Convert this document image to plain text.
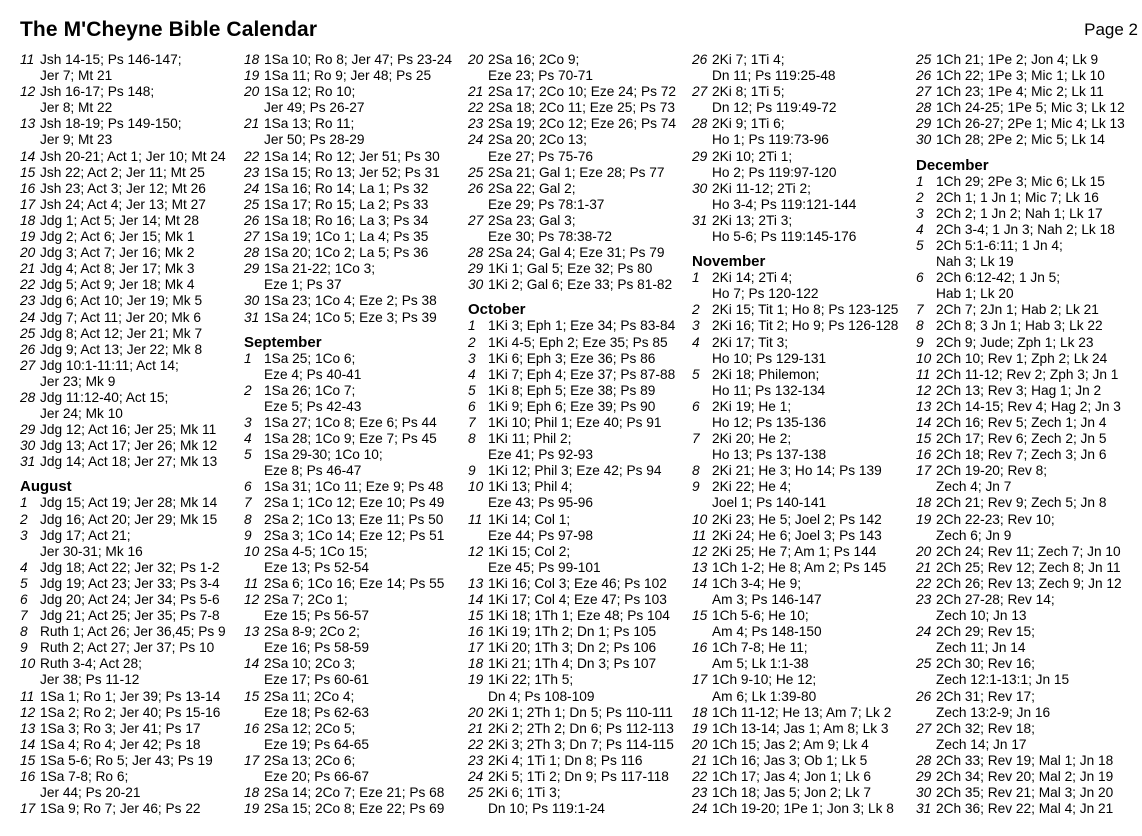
The M'Cheyne Bible Calendar	Page 2
11 Jsh 14-15; Ps 146-147;
Jer 7; Mt 21
12 Jsh 16-17; Ps 148;
Jer 8; Mt 22
13 Jsh 18-19; Ps 149-150;
Jer 9; Mt 23
14 Jsh 20-21; Act 1; Jer 10; Mt 24
15 Jsh 22; Act 2; Jer 11; Mt 25
16 Jsh 23; Act 3; Jer 12; Mt 26
17 Jsh 24; Act 4; Jer 13; Mt 27
18 Jdg 1; Act 5; Jer 14; Mt 28
19 Jdg 2; Act 6; Jer 15; Mk 1
20 Jdg 3; Act 7; Jer 16; Mk 2
21 Jdg 4; Act 8; Jer 17; Mk 3
22 Jdg 5; Act 9; Jer 18; Mk 4
23 Jdg 6; Act 10; Jer 19; Mk 5
24 Jdg 7; Act 11; Jer 20; Mk 6
25 Jdg 8; Act 12; Jer 21; Mk 7
26 Jdg 9; Act 13; Jer 22; Mk 8
27 Jdg 10:1-11:11; Act 14;
Jer 23; Mk 9
28 Jdg 11:12-40; Act 15;
Jer 24; Mk 10
29 Jdg 12; Act 16; Jer 25; Mk 11
30 Jdg 13; Act 17; Jer 26; Mk 12
31 Jdg 14; Act 18; Jer 27; Mk 13
August
1 Jdg 15; Act 19; Jer 28; Mk 14
2 Jdg 16; Act 20; Jer 29; Mk 15
3 Jdg 17; Act 21;
Jer 30-31; Mk 16
4 Jdg 18; Act 22; Jer 32; Ps 1-2
5 Jdg 19; Act 23; Jer 33; Ps 3-4
6 Jdg 20; Act 24; Jer 34; Ps 5-6
7 Jdg 21; Act 25; Jer 35; Ps 7-8
8 Ruth 1; Act 26; Jer 36,45; Ps 9
9 Ruth 2; Act 27; Jer 37; Ps 10
10 Ruth 3-4; Act 28;
Jer 38; Ps 11-12
11 1Sa 1; Ro 1; Jer 39; Ps 13-14
12 1Sa 2; Ro 2; Jer 40; Ps 15-16
13 1Sa 3; Ro 3; Jer 41; Ps 17
14 1Sa 4; Ro 4; Jer 42; Ps 18
15 1Sa 5-6; Ro 5; Jer 43; Ps 19
16 1Sa 7-8; Ro 6;
Jer 44; Ps 20-21
17 1Sa 9; Ro 7; Jer 46; Ps 22
18 1Sa 10; Ro 8; Jer 47; Ps 23-24
19 1Sa 11; Ro 9; Jer 48; Ps 25
20 1Sa 12; Ro 10;
Jer 49; Ps 26-27
21 1Sa 13; Ro 11;
Jer 50; Ps 28-29
22 1Sa 14; Ro 12; Jer 51; Ps 30
23 1Sa 15; Ro 13; Jer 52; Ps 31
24 1Sa 16; Ro 14; La 1; Ps 32
25 1Sa 17; Ro 15; La 2; Ps 33
26 1Sa 18; Ro 16; La 3; Ps 34
27 1Sa 19; 1Co 1; La 4; Ps 35
28 1Sa 20; 1Co 2; La 5; Ps 36
29 1Sa 21-22; 1Co 3;
Eze 1; Ps 37
30 1Sa 23; 1Co 4; Eze 2; Ps 38
31 1Sa 24; 1Co 5; Eze 3; Ps 39
September
1 1Sa 25; 1Co 6;
Eze 4; Ps 40-41
2 1Sa 26; 1Co 7;
Eze 5; Ps 42-43
3 1Sa 27; 1Co 8; Eze 6; Ps 44
4 1Sa 28; 1Co 9; Eze 7; Ps 45
5 1Sa 29-30; 1Co 10;
Eze 8; Ps 46-47
6 1Sa 31; 1Co 11; Eze 9; Ps 48
7 2Sa 1; 1Co 12; Eze 10; Ps 49
8 2Sa 2; 1Co 13; Eze 11; Ps 50
9 2Sa 3; 1Co 14; Eze 12; Ps 51
10 2Sa 4-5; 1Co 15;
Eze 13; Ps 52-54
11 2Sa 6; 1Co 16; Eze 14; Ps 55
12 2Sa 7; 2Co 1;
Eze 15; Ps 56-57
13 2Sa 8-9; 2Co 2;
Eze 16; Ps 58-59
14 2Sa 10; 2Co 3;
Eze 17; Ps 60-61
15 2Sa 11; 2Co 4;
Eze 18; Ps 62-63
16 2Sa 12; 2Co 5;
Eze 19; Ps 64-65
17 2Sa 13; 2Co 6;
Eze 20; Ps 66-67
18 2Sa 14; 2Co 7; Eze 21; Ps 68
19 2Sa 15; 2Co 8; Eze 22; Ps 69
20 2Sa 16; 2Co 9;
Eze 23; Ps 70-71
21 2Sa 17; 2Co 10; Eze 24; Ps 72
22 2Sa 18; 2Co 11; Eze 25; Ps 73
23 2Sa 19; 2Co 12; Eze 26; Ps 74
24 2Sa 20; 2Co 13;
Eze 27; Ps 75-76
25 2Sa 21; Gal 1; Eze 28; Ps 77
26 2Sa 22; Gal 2;
Eze 29; Ps 78:1-37
27 2Sa 23; Gal 3;
Eze 30; Ps 78:38-72
28 2Sa 24; Gal 4; Eze 31; Ps 79
29 1Ki 1; Gal 5; Eze 32; Ps 80
30 1Ki 2; Gal 6; Eze 33; Ps 81-82
October
1 1Ki 3; Eph 1; Eze 34; Ps 83-84
2 1Ki 4-5; Eph 2; Eze 35; Ps 85
3 1Ki 6; Eph 3; Eze 36; Ps 86
4 1Ki 7; Eph 4; Eze 37; Ps 87-88
5 1Ki 8; Eph 5; Eze 38; Ps 89
6 1Ki 9; Eph 6; Eze 39; Ps 90
7 1Ki 10; Phil 1; Eze 40; Ps 91
8 1Ki 11; Phil 2;
Eze 41; Ps 92-93
9 1Ki 12; Phil 3; Eze 42; Ps 94
10 1Ki 13; Phil 4;
Eze 43; Ps 95-96
11 1Ki 14; Col 1;
Eze 44; Ps 97-98
12 1Ki 15; Col 2;
Eze 45; Ps 99-101
13 1Ki 16; Col 3; Eze 46; Ps 102
14 1Ki 17; Col 4; Eze 47; Ps 103
15 1Ki 18; 1Th 1; Eze 48; Ps 104
16 1Ki 19; 1Th 2; Dn 1; Ps 105
17 1Ki 20; 1Th 3; Dn 2; Ps 106
18 1Ki 21; 1Th 4; Dn 3; Ps 107
19 1Ki 22; 1Th 5;
Dn 4; Ps 108-109
20 2Ki 1; 2Th 1; Dn 5; Ps 110-111
21 2Ki 2; 2Th 2; Dn 6; Ps 112-113
22 2Ki 3; 2Th 3; Dn 7; Ps 114-115
23 2Ki 4; 1Ti 1; Dn 8; Ps 116
24 2Ki 5; 1Ti 2; Dn 9; Ps 117-118
25 2Ki 6; 1Ti 3;
Dn 10; Ps 119:1-24
26 2Ki 7; 1Ti 4;
Dn 11; Ps 119:25-48
27 2Ki 8; 1Ti 5;
Dn 12; Ps 119:49-72
28 2Ki 9; 1Ti 6;
Ho 1; Ps 119:73-96
29 2Ki 10; 2Ti 1;
Ho 2; Ps 119:97-120
30 2Ki 11-12; 2Ti 2;
Ho 3-4; Ps 119:121-144
31 2Ki 13; 2Ti 3;
Ho 5-6; Ps 119:145-176
November
1 2Ki 14; 2Ti 4;
Ho 7; Ps 120-122
2 2Ki 15; Tit 1; Ho 8; Ps 123-125
3 2Ki 16; Tit 2; Ho 9; Ps 126-128
4 2Ki 17; Tit 3;
Ho 10; Ps 129-131
5 2Ki 18; Philemon;
Ho 11; Ps 132-134
6 2Ki 19; He 1;
Ho 12; Ps 135-136
7 2Ki 20; He 2;
Ho 13; Ps 137-138
8 2Ki 21; He 3; Ho 14; Ps 139
9 2Ki 22; He 4;
Joel 1; Ps 140-141
10 2Ki 23; He 5; Joel 2; Ps 142
11 2Ki 24; He 6; Joel 3; Ps 143
12 2Ki 25; He 7; Am 1; Ps 144
13 1Ch 1-2; He 8; Am 2; Ps 145
14 1Ch 3-4; He 9;
Am 3; Ps 146-147
15 1Ch 5-6; He 10;
Am 4; Ps 148-150
16 1Ch 7-8; He 11;
Am 5; Lk 1:1-38
17 1Ch 9-10; He 12;
Am 6; Lk 1:39-80
18 1Ch 11-12; He 13; Am 7; Lk 2
19 1Ch 13-14; Jas 1; Am 8; Lk 3
20 1Ch 15; Jas 2; Am 9; Lk 4
21 1Ch 16; Jas 3; Ob 1; Lk 5
22 1Ch 17; Jas 4; Jon 1; Lk 6
23 1Ch 18; Jas 5; Jon 2; Lk 7
24 1Ch 19-20; 1Pe 1; Jon 3; Lk 8
25 1Ch 21; 1Pe 2; Jon 4; Lk 9
26 1Ch 22; 1Pe 3; Mic 1; Lk 10
27 1Ch 23; 1Pe 4; Mic 2; Lk 11
28 1Ch 24-25; 1Pe 5; Mic 3; Lk 12
29 1Ch 26-27; 2Pe 1; Mic 4; Lk 13
30 1Ch 28; 2Pe 2; Mic 5; Lk 14
December
1 1Ch 29; 2Pe 3; Mic 6; Lk 15
2 2Ch 1; 1 Jn 1; Mic 7; Lk 16
3 2Ch 2; 1 Jn 2; Nah 1; Lk 17
4 2Ch 3-4; 1 Jn 3; Nah 2; Lk 18
5 2Ch 5:1-6:11; 1 Jn 4;
Nah 3; Lk 19
6 2Ch 6:12-42; 1 Jn 5;
Hab 1; Lk 20
7 2Ch 7; 2Jn 1; Hab 2; Lk 21
8 2Ch 8; 3 Jn 1; Hab 3; Lk 22
9 2Ch 9; Jude; Zph 1; Lk 23
10 2Ch 10; Rev 1; Zph 2; Lk 24
11 2Ch 11-12; Rev 2; Zph 3; Jn 1
12 2Ch 13; Rev 3; Hag 1; Jn 2
13 2Ch 14-15; Rev 4; Hag 2; Jn 3
14 2Ch 16; Rev 5; Zech 1; Jn 4
15 2Ch 17; Rev 6; Zech 2; Jn 5
16 2Ch 18; Rev 7; Zech 3; Jn 6
17 2Ch 19-20; Rev 8;
Zech 4; Jn 7
18 2Ch 21; Rev 9; Zech 5; Jn 8
19 2Ch 22-23; Rev 10;
Zech 6; Jn 9
20 2Ch 24; Rev 11; Zech 7; Jn 10
21 2Ch 25; Rev 12; Zech 8; Jn 11
22 2Ch 26; Rev 13; Zech 9; Jn 12
23 2Ch 27-28; Rev 14;
Zech 10; Jn 13
24 2Ch 29; Rev 15;
Zech 11; Jn 14
25 2Ch 30; Rev 16;
Zech 12:1-13:1; Jn 15
26 2Ch 31; Rev 17;
Zech 13:2-9; Jn 16
27 2Ch 32; Rev 18;
Zech 14; Jn 17
28 2Ch 33; Rev 19; Mal 1; Jn 18
29 2Ch 34; Rev 20; Mal 2; Jn 19
30 2Ch 35; Rev 21; Mal 3; Jn 20
31 2Ch 36; Rev 22; Mal 4; Jn 21
